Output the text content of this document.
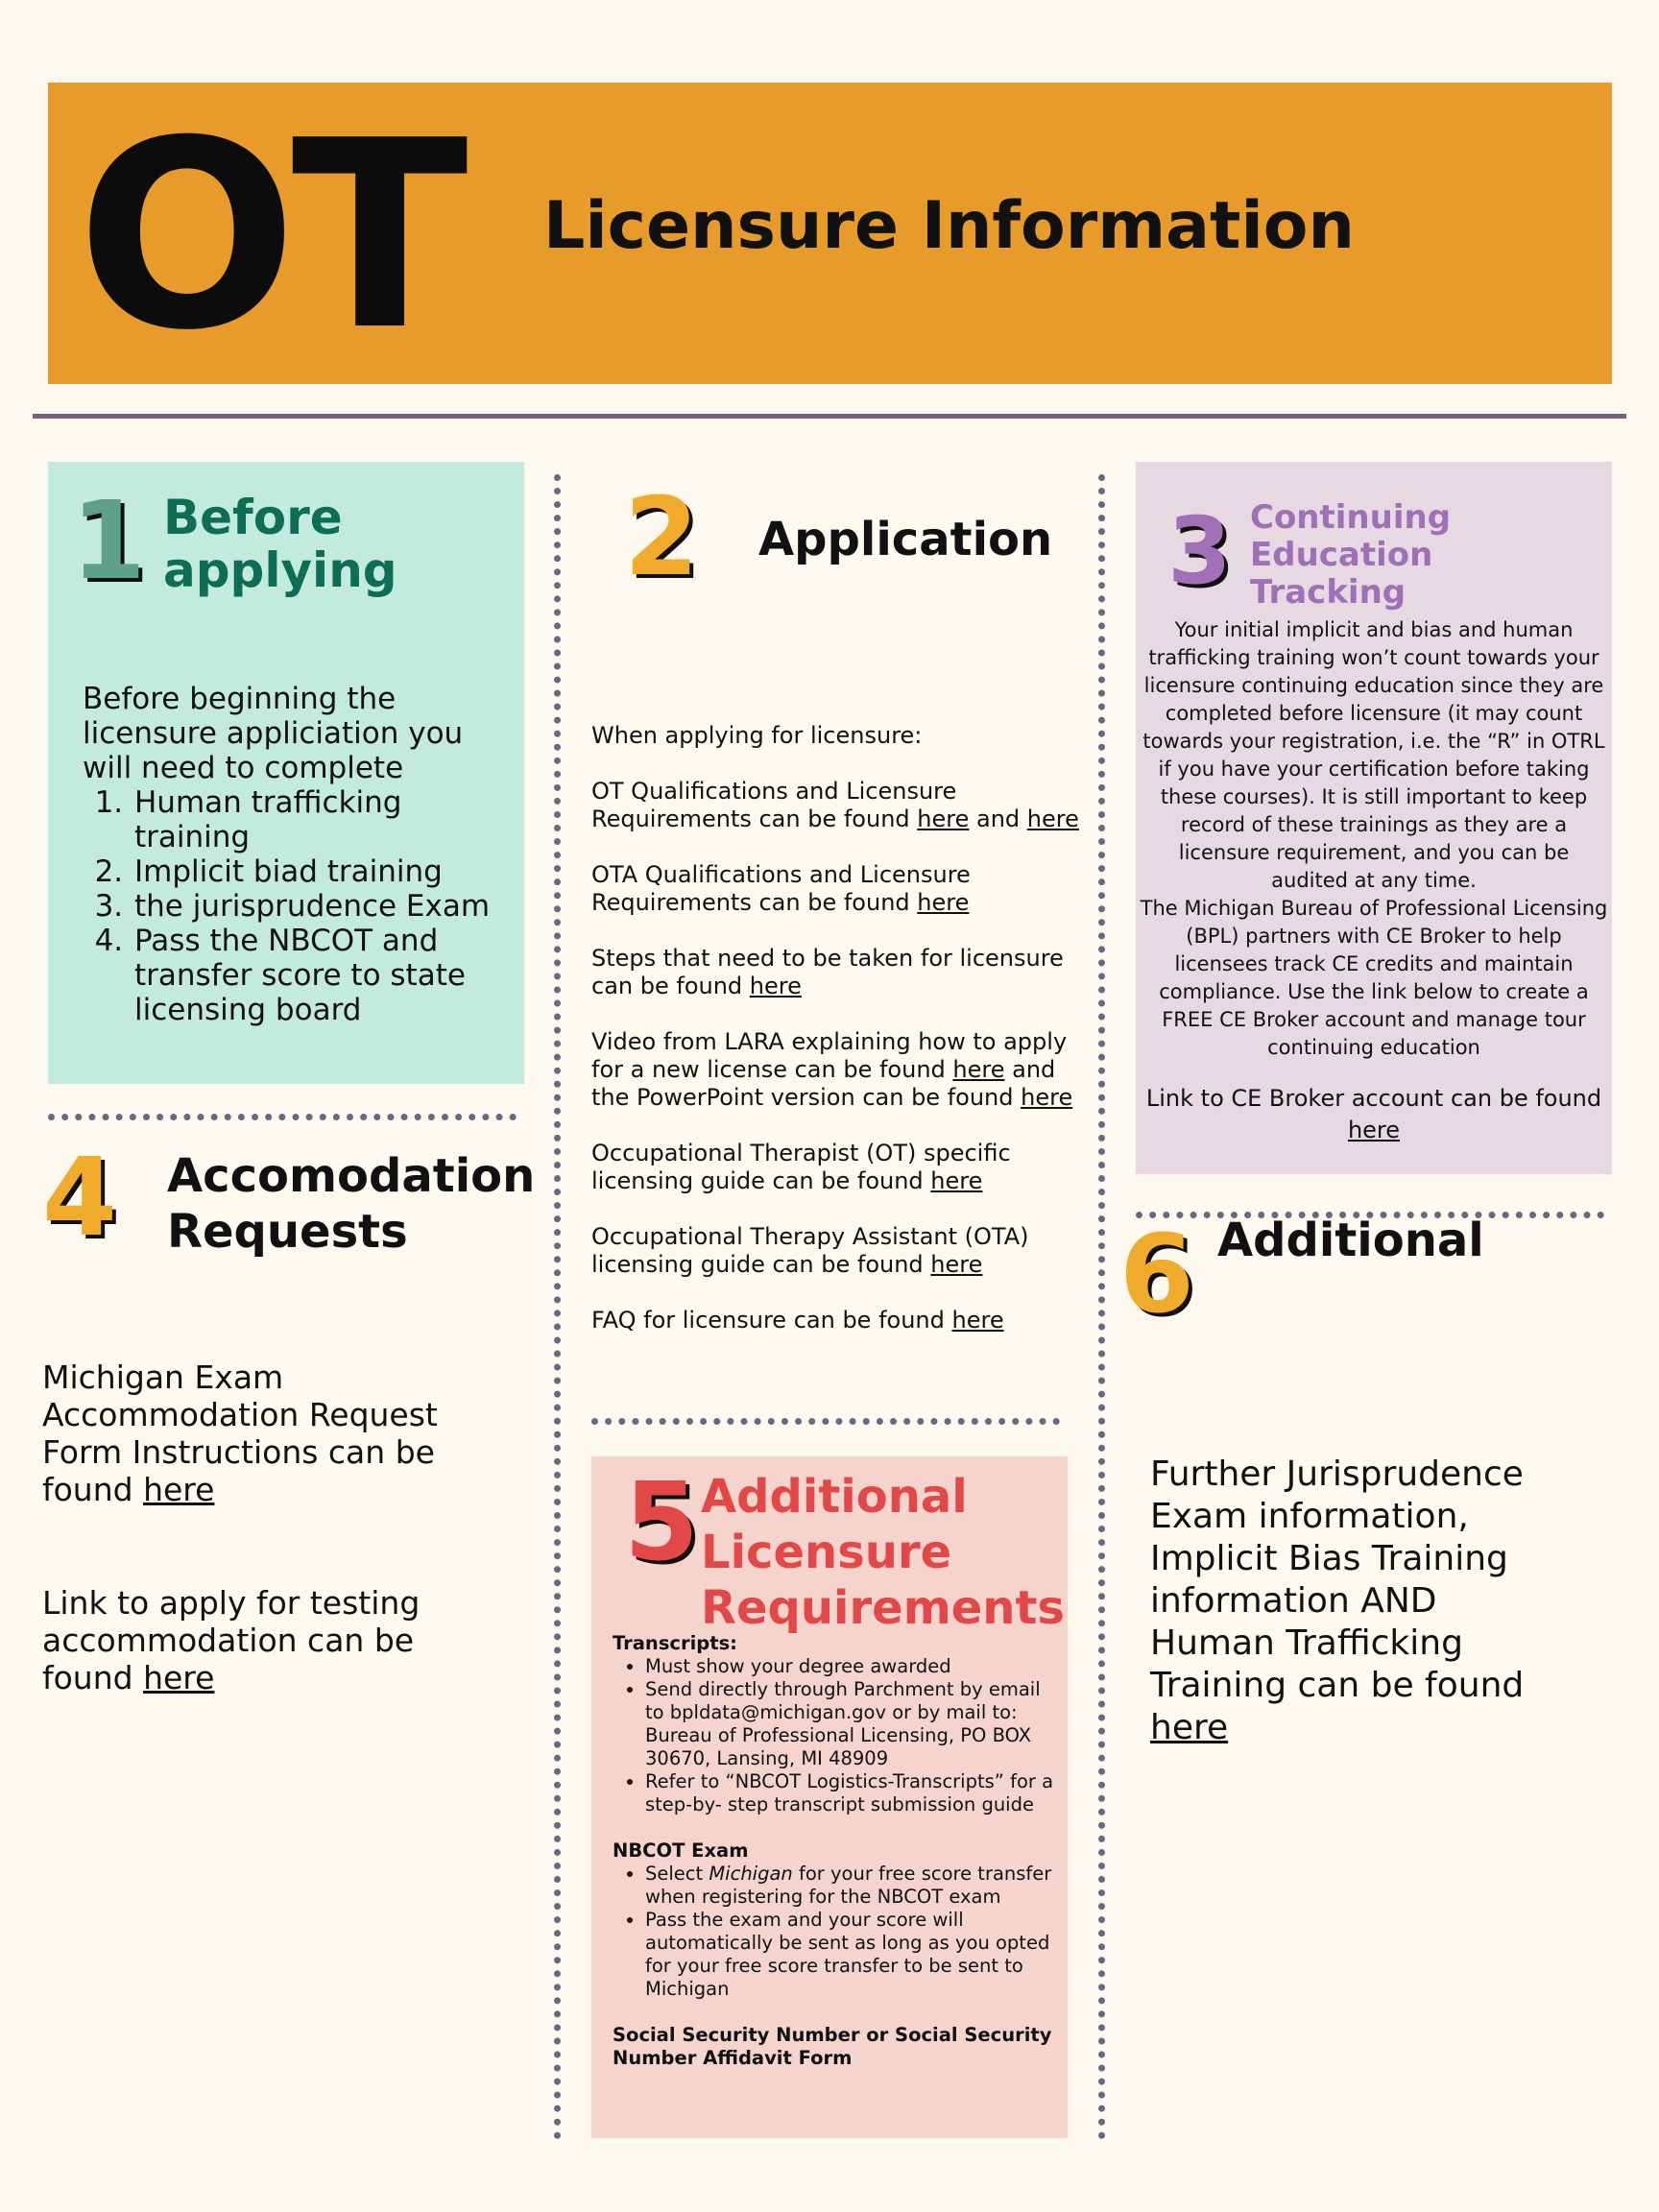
OT Licensure Information
1 Before
applying
Before beginning the licensure appliciation you will need to complete
1. Human trafficking training
2. Implicit biad training
3. the jurisprudence Exam
4. Pass the NBCOT and transfer score to state licensing board
2 Application

When applying for licensure:

OT Qualifications and Licensure Requirements can be found here and here

OTA Qualifications and Licensure Requirements can be found here

Steps that need to be taken for licensure can be found here

Video from LARA explaining how to apply for a new license can be found here and the PowerPoint version can be found here

Occupational Therapist (OT) specific licensing guide can be found here

Occupational Therapy Assistant (OTA) licensing guide can be found here

FAQ for licensure can be found here

3 Continuing
Education
Tracking
Your initial implicit and bias and human trafficking training won’t count towards your licensure continuing education since they are completed before licensure (it may count towards your registration, i.e. the “R” in OTRL if you have your certification before taking these courses). It is still important to keep record of these trainings as they are a licensure requirement, and you can be audited at any time.
The Michigan Bureau of Professional Licensing (BPL) partners with CE Broker to help licensees track CE credits and maintain compliance. Use the link below to create a FREE CE Broker account and manage tour continuing education
Link to CE Broker account can be found
here
4 Accomodation
Requests

Michigan Exam Accommodation Request Form Instructions can be found here

Link to apply for testing accommodation can be found here

5 Additional
Licensure
Requirements
Transcripts:
• Must show your degree awarded
• Send directly through Parchment by email to bpldata@michigan.gov or by mail to: Bureau of Professional Licensing, PO BOX 30670, Lansing, MI 48909
• Refer to “NBCOT Logistics-Transcripts” for a step-by- step transcript submission guide
NBCOT Exam
• Select Michigan for your free score transfer when registering for the NBCOT exam
• Pass the exam and your score will automatically be sent as long as you opted for your free score transfer to be sent to Michigan
Social Security Number or Social Security Number Affidavit Form
6 Additional
Further Jurisprudence Exam information, Implicit Bias Training information AND Human Trafficking Training can be found here
